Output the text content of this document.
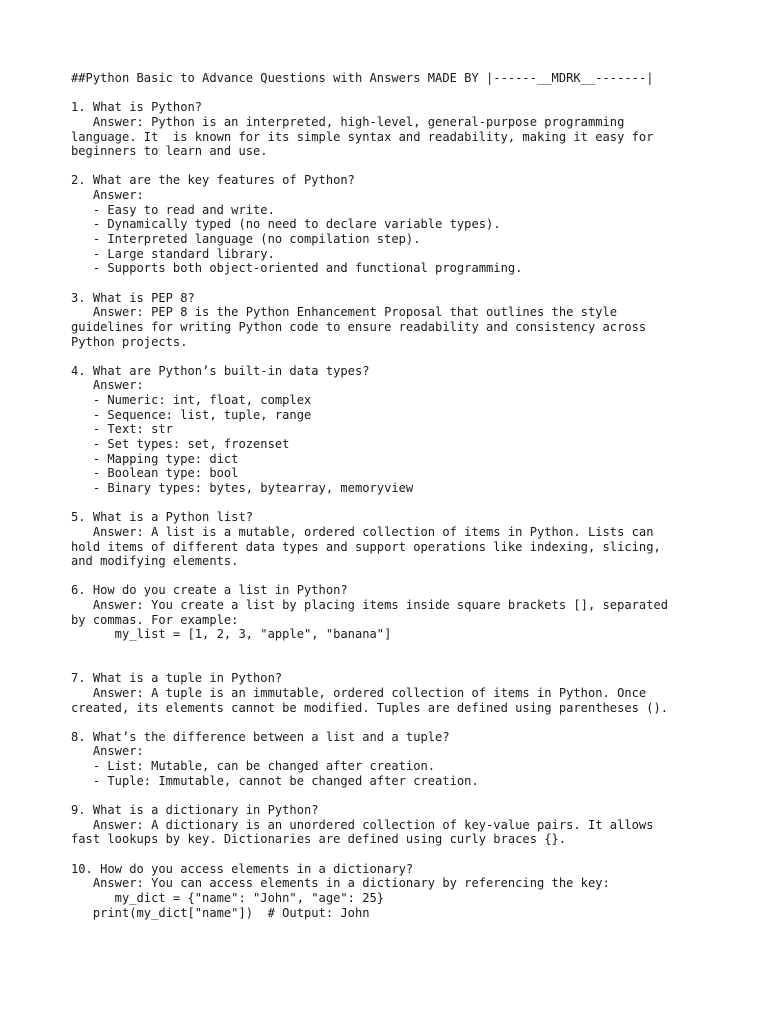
##Python Basic to Advance Questions with Answers MADE BY |------__MDRK__-------|
1. What is Python?
Answer: Python is an interpreted, high-level, general-purpose programming
language. It  is known for its simple syntax and readability, making it easy for
beginners to learn and use.
2. What are the key features of Python?
Answer:
- Easy to read and write.
- Dynamically typed (no need to declare variable types).
- Interpreted language (no compilation step).
- Large standard library.
- Supports both object-oriented and functional programming.
3. What is PEP 8?
Answer: PEP 8 is the Python Enhancement Proposal that outlines the style
guidelines for writing Python code to ensure readability and consistency across
Python projects.
4. What are Python’s built-in data types?
Answer:
- Numeric: int, float, complex
- Sequence: list, tuple, range
- Text: str
- Set types: set, frozenset
- Mapping type: dict
- Boolean type: bool
- Binary types: bytes, bytearray, memoryview
5. What is a Python list?
Answer: A list is a mutable, ordered collection of items in Python. Lists can
hold items of different data types and support operations like indexing, slicing,
and modifying elements.
6. How do you create a list in Python?
Answer: You create a list by placing items inside square brackets [], separated
by commas. For example:
my_list = [1, 2, 3, "apple", "banana"]
7. What is a tuple in Python?
Answer: A tuple is an immutable, ordered collection of items in Python. Once
created, its elements cannot be modified. Tuples are defined using parentheses ().
8. What’s the difference between a list and a tuple?
Answer:
- List: Mutable, can be changed after creation.
- Tuple: Immutable, cannot be changed after creation.
9. What is a dictionary in Python?
Answer: A dictionary is an unordered collection of key-value pairs. It allows
fast lookups by key. Dictionaries are defined using curly braces {}.
10. How do you access elements in a dictionary?
Answer: You can access elements in a dictionary by referencing the key:
my_dict = {"name": "John", "age": 25}
print(my_dict["name"])  # Output: John
